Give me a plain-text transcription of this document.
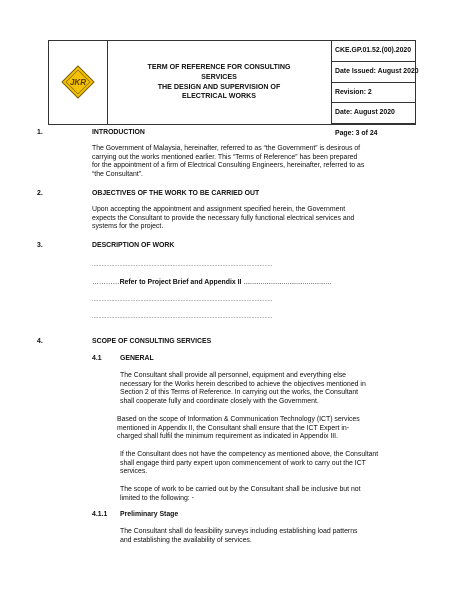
JKR
TERM OF REFERENCE FOR CONSULTING
SERVICES
THE DESIGN AND SUPERVISION OF
ELECTRICAL WORKS
CKE.GP.01.52.(00).2020
Date Issued: August 2020
Revision: 2
Date: August 2020
Page: 3 of 24
1.	INTRODUCTION
The Government of Malaysia, hereinafter, referred to as “the Government” is desirous of
carrying out the works mentioned earlier. This “Terms of Reference” has been prepared
for the appointment of a firm of Electrical Consulting Engineers, hereinafter, referred to as
“the Consultant”.
2.	OBJECTIVES OF THE WORK TO BE CARRIED OUT
Upon accepting the appointment and assignment specified herein, the Government
expects the Consultant to provide the necessary fully functional electrical services and
systems for the project.
3.	DESCRIPTION OF WORK
................................................................................................................
…………Refer to Project Brief and Appendix II ..............................................
................................................................................................................
................................................................................................................
4.	SCOPE OF CONSULTING SERVICES
4.1	GENERAL
The Consultant shall provide all personnel, equipment and everything else
necessary for the Works herein described to achieve the objectives mentioned in
Section 2 of this Terms of Reference. In carrying out the works, the Consultant
shall cooperate fully and coordinate closely with the Government.
Based on the scope of Information & Communication Technology (ICT) services
mentioned in Appendix II, the Consultant shall ensure that the ICT Expert in-
charged shall fulfil the minimum requirement as indicated in Appendix III.
If the Consultant does not have the competency as mentioned above, the Consultant
shall engage third party expert upon commencement of work to carry out the ICT
services.
The scope of work to be carried out by the Consultant shall be inclusive but not
limited to the following: -
4.1.1 Preliminary Stage
The Consultant shall do feasibility surveys including establishing load patterns
and establishing the availability of services.
